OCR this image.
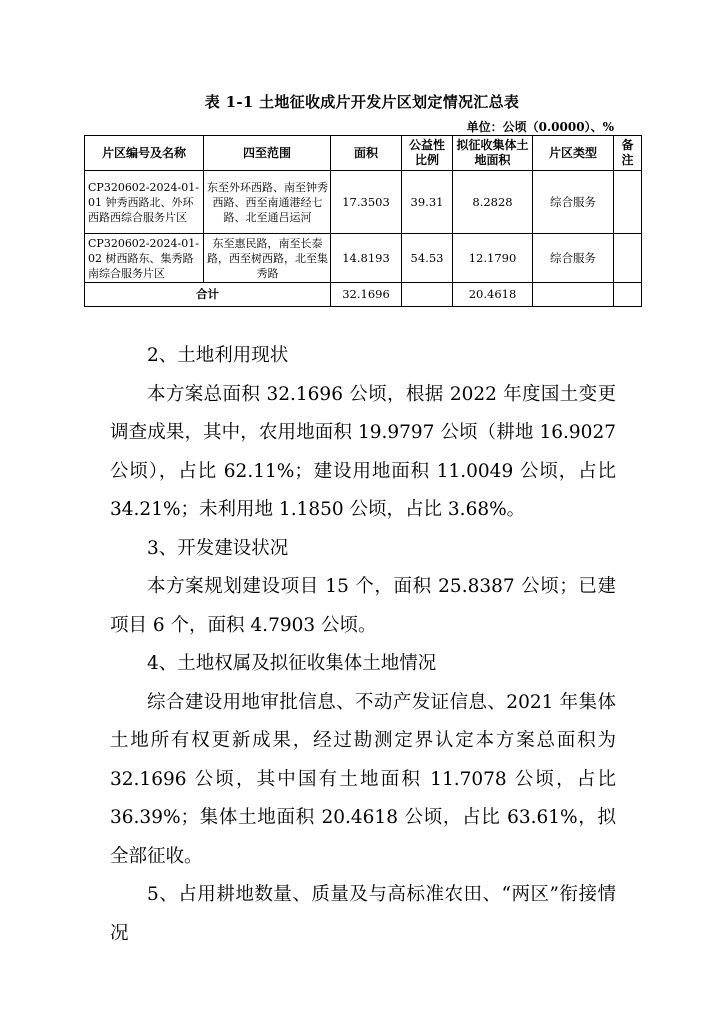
表 1-1 土地征收成片开发片区划定情况汇总表
单位：公顷（0.0000）、%
片区编号及名称	四至范围	面积	公益性比例	拟征收集体土地面积	片区类型	备注
CP320602-2024-01-01 钟秀西路北、外环西路西综合服务片区	东至外环西路、南至钟秀西路、西至南通港经七路、北至通吕运河	17.3503	39.31	8.2828	综合服务	
CP320602-2024-01-02 树西路东、集秀路南综合服务片区	东至惠民路，南至长泰路，西至树西路，北至集秀路	14.8193	54.53	12.1790	综合服务	
合计		32.1696		20.4618		

2、土地利用现状

本方案总面积 32.1696 公顷，根据 2022 年度国土变更调查成果，其中，农用地面积 19.9797 公顷（耕地 16.9027 公顷），占比 62.11%；建设用地面积 11.0049 公顷，占比 34.21%；未利用地 1.1850 公顷，占比 3.68%。

3、开发建设状况

本方案规划建设项目 15 个，面积 25.8387 公顷；已建项目 6 个，面积 4.7903 公顷。

4、土地权属及拟征收集体土地情况

综合建设用地审批信息、不动产发证信息、2021 年集体土地所有权更新成果，经过勘测定界认定本方案总面积为 32.1696 公顷，其中国有土地面积 11.7078 公顷，占比 36.39%；集体土地面积 20.4618 公顷，占比 63.61%，拟全部征收。

5、占用耕地数量、质量及与高标准农田、“两区”衔接情况
